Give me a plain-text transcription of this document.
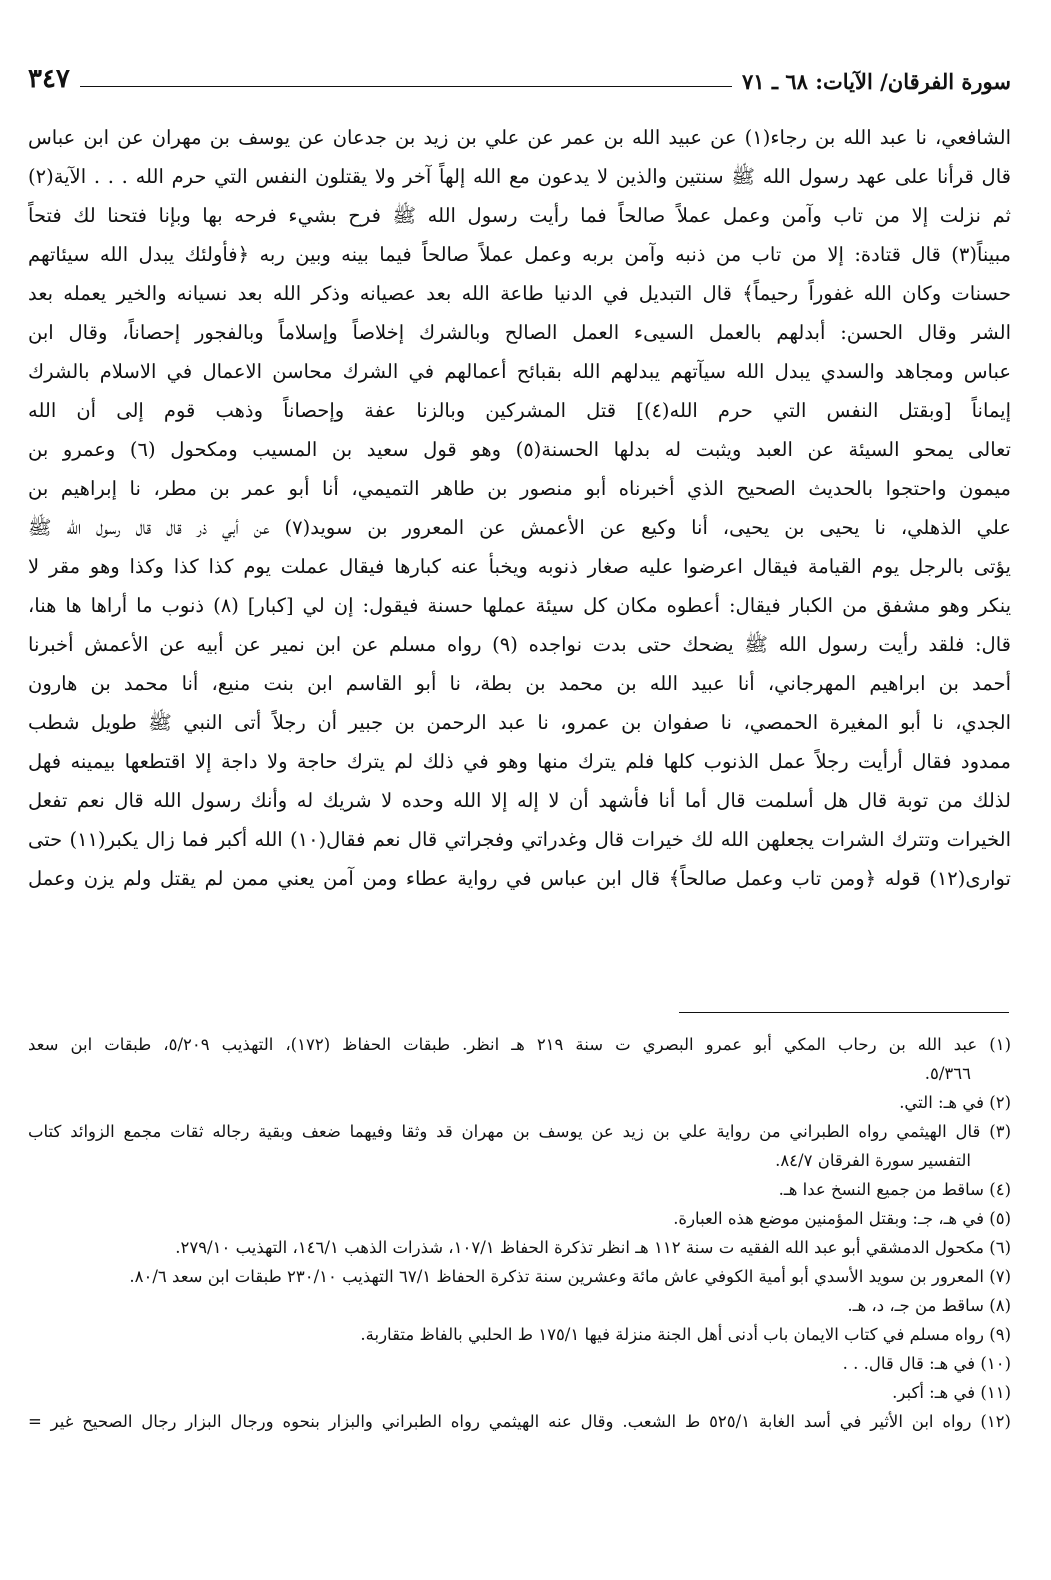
سورة الفرقان/ الآيات: ٦٨ ـ ٧١
٣٤٧
الشافعي، نا عبد الله بن رجاء(١) عن عبيد الله بن عمر عن علي بن زيد بن جدعان عن يوسف بن مهران عن ابن عباس
قال قرأنا على عهد رسول الله ﷺ سنتين والذين لا يدعون مع الله إلهاً آخر ولا يقتلون النفس التي حرم الله . . . الآية(٢)
ثم نزلت إلا من تاب وآمن وعمل عملاً صالحاً فما رأيت رسول الله ﷺ فرح بشيء فرحه بها وبإنا فتحنا لك فتحاً
مبيناً(٣) قال قتادة: إلا من تاب من ذنبه وآمن بربه وعمل عملاً صالحاً فيما بينه وبين ربه ﴿فأولئك يبدل الله سيئاتهم
حسنات وكان الله غفوراً رحيماً﴾ قال التبديل في الدنيا طاعة الله بعد عصيانه وذكر الله بعد نسيانه والخير يعمله بعد
الشر وقال الحسن: أبدلهم بالعمل السيىء العمل الصالح وبالشرك إخلاصاً وإسلاماً وبالفجور إحصاناً، وقال ابن
عباس ومجاهد والسدي يبدل الله سيآتهم يبدلهم الله بقبائح أعمالهم في الشرك محاسن الاعمال في الاسلام بالشرك
إيماناً [وبقتل النفس التي حرم الله(٤)] قتل المشركين وبالزنا عفة وإحصاناً وذهب قوم إلى أن الله
تعالى يمحو السيئة عن العبد ويثبت له بدلها الحسنة(٥) وهو قول سعيد بن المسيب ومكحول (٦) وعمرو بن
ميمون واحتجوا بالحديث الصحيح الذي أخبرناه أبو منصور بن طاهر التميمي، أنا أبو عمر بن مطر، نا إبراهيم بن
علي الذهلي، نا يحيى بن يحيى، أنا وكيع عن الأعمش عن المعرور بن سويد(٧) عن أبي ذر قال قال رسول الله ﷺ
يؤتى بالرجل يوم القيامة فيقال اعرضوا عليه صغار ذنوبه ويخبأ عنه كبارها فيقال عملت يوم كذا كذا وكذا وهو مقر لا
ينكر وهو مشفق من الكبار فيقال: أعطوه مكان كل سيئة عملها حسنة فيقول: إن لي [كبار] (٨) ذنوب ما أراها ها هنا،
قال: فلقد رأيت رسول الله ﷺ يضحك حتى بدت نواجده (٩) رواه مسلم عن ابن نمير عن أبيه عن الأعمش أخبرنا
أحمد بن ابراهيم المهرجاني، أنا عبيد الله بن محمد بن بطة، نا أبو القاسم ابن بنت منيع، أنا محمد بن هارون
الجدي، نا أبو المغيرة الحمصي، نا صفوان بن عمرو، نا عبد الرحمن بن جبير أن رجلاً أتى النبي ﷺ طويل شطب
ممدود فقال أرأيت رجلاً عمل الذنوب كلها فلم يترك منها وهو في ذلك لم يترك حاجة ولا داجة إلا اقتطعها بيمينه فهل
لذلك من توبة قال هل أسلمت قال أما أنا فأشهد أن لا إله إلا الله وحده لا شريك له وأنك رسول الله قال نعم تفعل
الخيرات وتترك الشرات يجعلهن الله لك خيرات قال وغدراتي وفجراتي قال نعم فقال(١٠) الله أكبر فما زال يكبر(١١) حتى
توارى(١٢) قوله ﴿ومن تاب وعمل صالحاً﴾ قال ابن عباس في رواية عطاء ومن آمن يعني ممن لم يقتل ولم يزن وعمل
(١) عبد الله بن رحاب المكي أبو عمرو البصري ت سنة ٢١٩ هـ انظر. طبقات الحفاظ (١٧٢)، التهذيب ٥/٢٠٩، طبقات ابن سعد
٥/٣٦٦.
(٢) في هـ: التي.
(٣) قال الهيثمي رواه الطبراني من رواية علي بن زيد عن يوسف بن مهران قد وثقا وفيهما ضعف وبقية رجاله ثقات مجمع الزوائد كتاب
التفسير سورة الفرقان ٨٤/٧.
(٤) ساقط من جميع النسخ عدا هـ.
(٥) في هـ، جـ: وبقتل المؤمنين موضع هذه العبارة.
(٦) مكحول الدمشقي أبو عبد الله الفقيه ت سنة ١١٢ هـ انظر تذكرة الحفاظ ١٠٧/١، شذرات الذهب ١٤٦/١، التهذيب ٢٧٩/١٠.
(٧) المعرور بن سويد الأسدي أبو أمية الكوفي عاش مائة وعشرين سنة تذكرة الحفاظ ٦٧/١ التهذيب ٢٣٠/١٠ طبقات ابن سعد ٨٠/٦.
(٨) ساقط من جـ، د، هـ.
(٩) رواه مسلم في كتاب الايمان باب أدنى أهل الجنة منزلة فيها ١٧٥/١ ط الحلبي بالفاظ متقاربة.
(١٠) في هـ: قال قال. . .
(١١) في هـ: أكبر.
(١٢) رواه ابن الأثير في أسد الغابة ٥٢٥/١ ط الشعب. وقال عنه الهيثمي رواه الطبراني والبزار بنحوه ورجال البزار رجال الصحيح غير =
